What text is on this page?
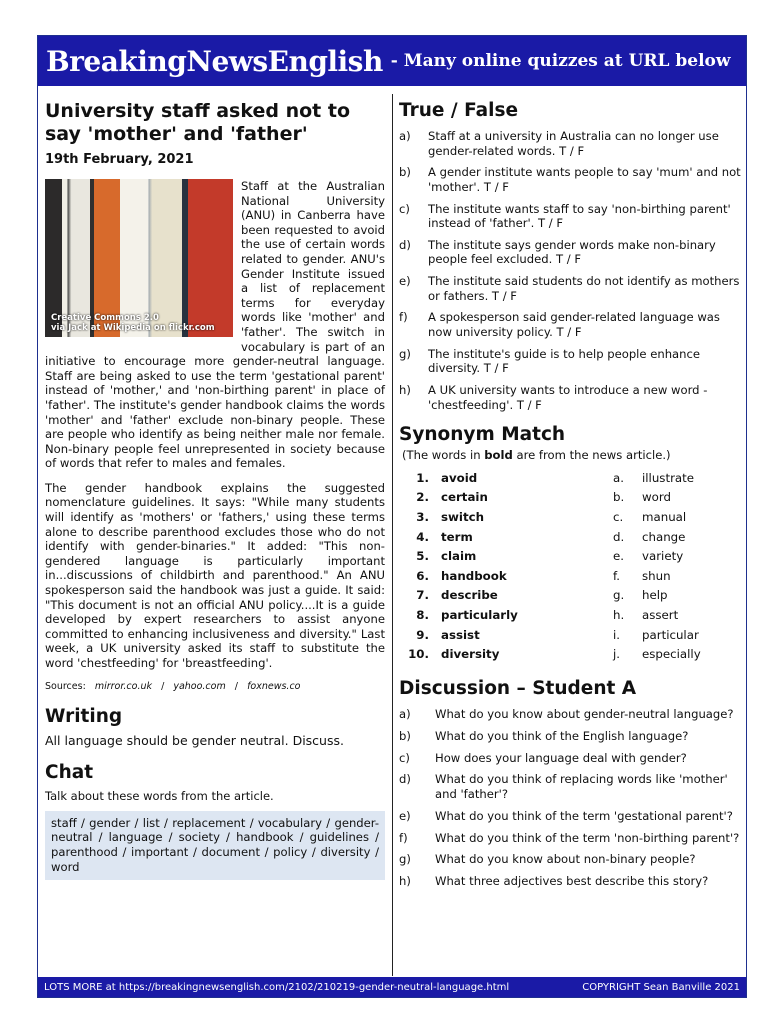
BreakingNewsEnglish - Many online quizzes at URL below
University staff asked not to say 'mother' and 'father'
19th February, 2021
Creative Commons 2.0
via Jack at Wikipedia on flickr.com
Staff at the Australian National University (ANU) in Canberra have been requested to avoid the use of certain words related to gender. ANU's Gender Institute issued a list of replacement terms for everyday words like 'mother' and 'father'. The switch in vocabulary is part of an initiative to encourage more gender-neutral language. Staff are being asked to use the term 'gestational parent' instead of 'mother,' and 'non-birthing parent' in place of 'father'. The institute's gender handbook claims the words 'mother' and 'father' exclude non-binary people. These are people who identify as being neither male nor female. Non-binary people feel unrepresented in society because of words that refer to males and females.
The gender handbook explains the suggested nomenclature guidelines. It says: "While many students will identify as 'mothers' or 'fathers,' using these terms alone to describe parenthood excludes those who do not identify with gender-binaries." It added: "This non-gendered language is particularly important in...discussions of childbirth and parenthood." An ANU spokesperson said the handbook was just a guide. It said: "This document is not an official ANU policy....It is a guide developed by expert researchers to assist anyone committed to enhancing inclusiveness and diversity." Last week, a UK university asked its staff to substitute the word 'chestfeeding' for 'breastfeeding'.
Sources: mirror.co.uk / yahoo.com / foxnews.co
Writing
All language should be gender neutral. Discuss.
Chat
Talk about these words from the article.
staff / gender / list / replacement / vocabulary / gender-neutral / language / society / handbook / guidelines / parenthood / important / document / policy / diversity / word
True / False
a)	Staff at a university in Australia can no longer use gender-related words. T / F
b)	A gender institute wants people to say 'mum' and not 'mother'. T / F
c)	The institute wants staff to say 'non-birthing parent' instead of 'father'. T / F
d)	The institute says gender words make non-binary people feel excluded. T / F
e)	The institute said students do not identify as mothers or fathers. T / F
f)	A spokesperson said gender-related language was now university policy. T / F
g)	The institute's guide is to help people enhance diversity. T / F
h)	A UK university wants to introduce a new word - 'chestfeeding'. T / F
Synonym Match
(The words in bold are from the news article.)
1. avoid	a.	illustrate
2. certain	b.	word
3. switch	c.	manual
4. term	d.	change
5. claim	e.	variety
6. handbook	f.	shun
7. describe	g.	help
8. particularly	h.	assert
9. assist	i.	particular
10. diversity	j.	especially
Discussion – Student A
a)	What do you know about gender-neutral language?
b)	What do you think of the English language?
c)	How does your language deal with gender?
d)	What do you think of replacing words like 'mother' and 'father'?
e)	What do you think of the term 'gestational parent'?
f)	What do you think of the term 'non-birthing parent'?
g)	What do you know about non-binary people?
h)	What three adjectives best describe this story?
LOTS MORE at https://breakingnewsenglish.com/2102/210219-gender-neutral-language.html	COPYRIGHT Sean Banville 2021
